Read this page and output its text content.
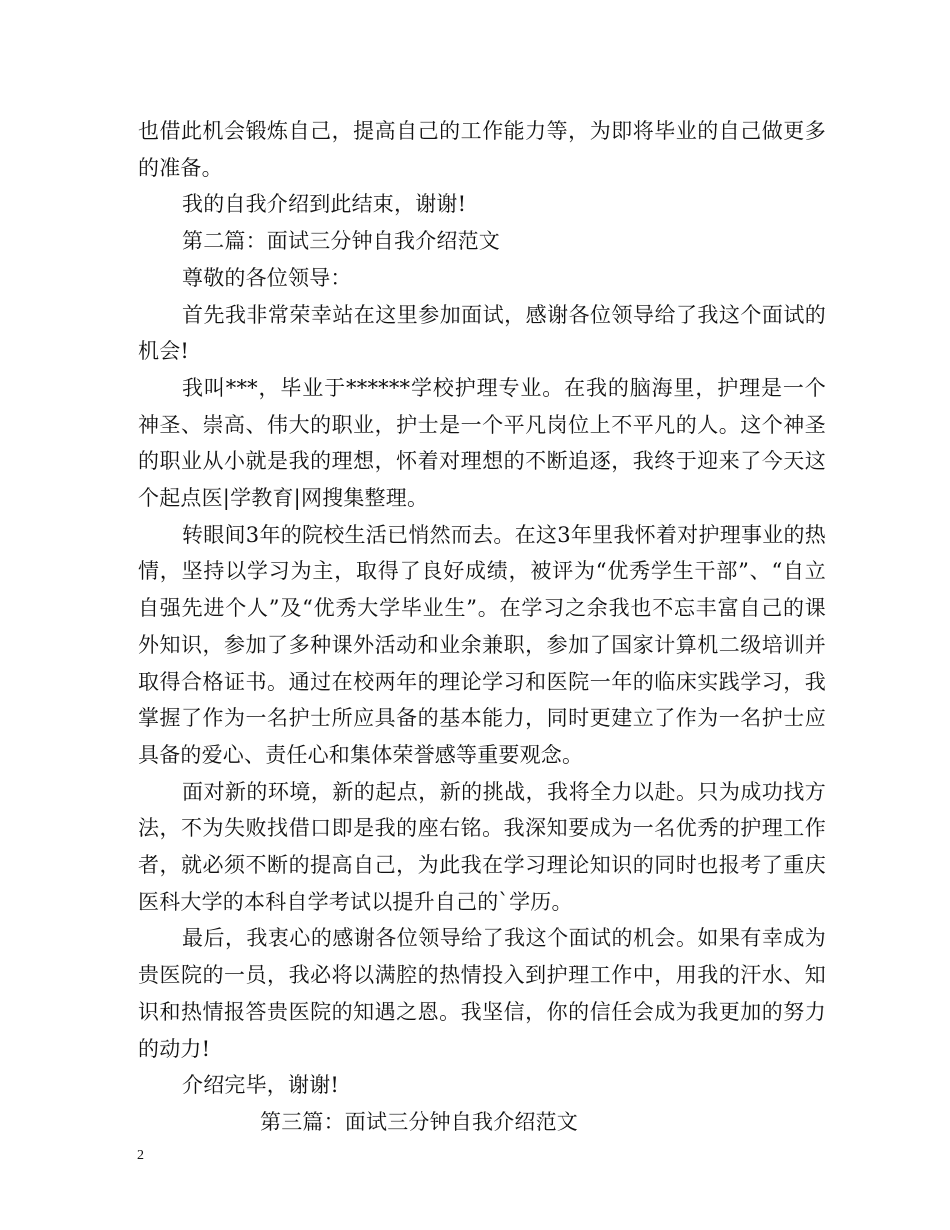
也借此机会锻炼自己，提高自己的工作能力等，为即将毕业的自己做更多的准备。

我的自我介绍到此结束，谢谢!

第二篇：面试三分钟自我介绍范文

尊敬的各位领导：

首先我非常荣幸站在这里参加面试，感谢各位领导给了我这个面试的机会!

我叫***，毕业于******学校护理专业。在我的脑海里，护理是一个神圣、崇高、伟大的职业，护士是一个平凡岗位上不平凡的人。这个神圣的职业从小就是我的理想，怀着对理想的不断追逐，我终于迎来了今天这个起点医|学教育|网搜集整理。

转眼间3年的院校生活已悄然而去。在这3年里我怀着对护理事业的热情，坚持以学习为主，取得了良好成绩，被评为“优秀学生干部”、“自立自强先进个人”及“优秀大学毕业生”。在学习之余我也不忘丰富自己的课外知识，参加了多种课外活动和业余兼职，参加了国家计算机二级培训并取得合格证书。通过在校两年的理论学习和医院一年的临床实践学习，我掌握了作为一名护士所应具备的基本能力，同时更建立了作为一名护士应具备的爱心、责任心和集体荣誉感等重要观念。

面对新的环境，新的起点，新的挑战，我将全力以赴。只为成功找方法，不为失败找借口即是我的座右铭。我深知要成为一名优秀的护理工作者，就必须不断的提高自己，为此我在学习理论知识的同时也报考了重庆医科大学的本科自学考试以提升自己的`学历。

最后，我衷心的感谢各位领导给了我这个面试的机会。如果有幸成为贵医院的一员，我必将以满腔的热情投入到护理工作中，用我的汗水、知识和热情报答贵医院的知遇之恩。我坚信，你的信任会成为我更加的努力的动力!

介绍完毕，谢谢!

第三篇：面试三分钟自我介绍范文

2
